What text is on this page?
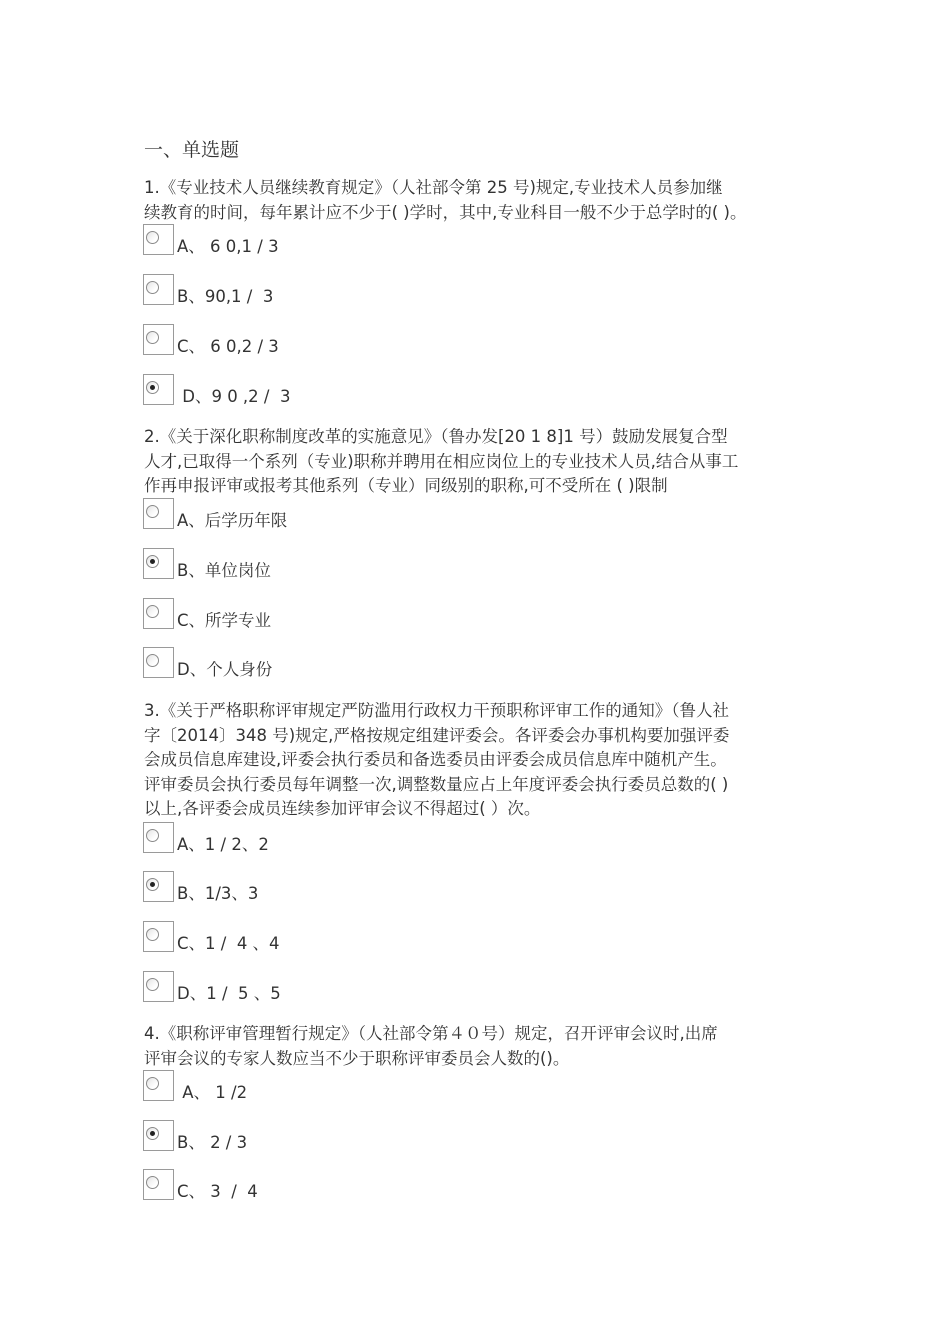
一、单选题
1.《专业技术人员继续教育规定》（人社部令第 25 号)规定,专业技术人员参加继
续教育的时间，每年累计应不少于( )学时，其中,专业科目一般不少于总学时的( )。
A、 6 0,1 / 3
B、90,1 /  3
C、 6 0,2 / 3
D、9 0 ,2 /  3
2.《关于深化职称制度改革的实施意见》（鲁办发[20 1 8]1 号）鼓励发展复合型
人才,已取得一个系列（专业)职称并聘用在相应岗位上的专业技术人员,结合从事工
作再申报评审或报考其他系列（专业）同级别的职称,可不受所在 ( )限制
A、后学历年限
B、单位岗位
C、所学专业
D、个人身份
3.《关于严格职称评审规定严防滥用行政权力干预职称评审工作的通知》（鲁人社
字〔2014〕348 号)规定,严格按规定组建评委会。各评委会办事机构要加强评委
会成员信息库建设,评委会执行委员和备选委员由评委会成员信息库中随机产生。
评审委员会执行委员每年调整一次,调整数量应占上年度评委会执行委员总数的( )
以上,各评委会成员连续参加评审会议不得超过( ）次。
A、1 / 2、2
B、1/3、3
C、1 /  4 、4
D、1 /  5 、5
4.《职称评审管理暂行规定》（人社部令第４０号）规定，召开评审会议时,出席
评审会议的专家人数应当不少于职称评审委员会人数的()。
A、 1 /2
B、 2 / 3
C、 3  /  4
